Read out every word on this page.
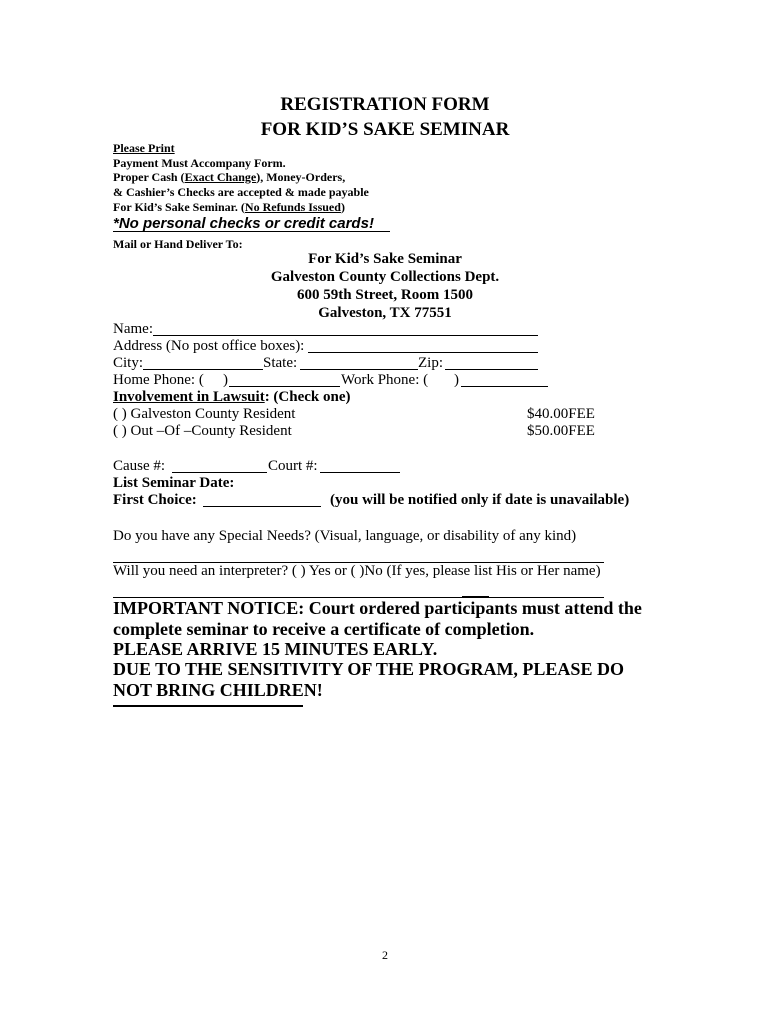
REGISTRATION FORM
FOR KID’S SAKE SEMINAR
Please Print
Payment Must Accompany Form.
Proper Cash (Exact Change), Money-Orders,
& Cashier’s Checks are accepted & made payable
For Kid’s Sake Seminar. (No Refunds Issued)
*No personal checks or credit cards!
Mail or Hand Deliver To:
For Kid’s Sake Seminar
Galveston County Collections Dept.
600 59th Street, Room 1500
Galveston, TX 77551
Name:
Address (No post office boxes):
City:	State:	Zip:
Home Phone: ( )	Work Phone: ( )
Involvement in Lawsuit: (Check one)
( ) Galveston County Resident	$40.00FEE
( ) Out –Of –County Resident	$50.00FEE
Cause #:	Court #:
List Seminar Date:
First Choice:	(you will be notified only if date is unavailable)
Do you have any Special Needs? (Visual, language, or disability of any kind)
Will you need an interpreter? ( ) Yes or ( )No (If yes, please list His or Her name)
IMPORTANT NOTICE: Court ordered participants must attend the
complete seminar to receive a certificate of completion.
PLEASE ARRIVE 15 MINUTES EARLY.
DUE TO THE SENSITIVITY OF THE PROGRAM, PLEASE DO
NOT BRING CHILDREN!
2
